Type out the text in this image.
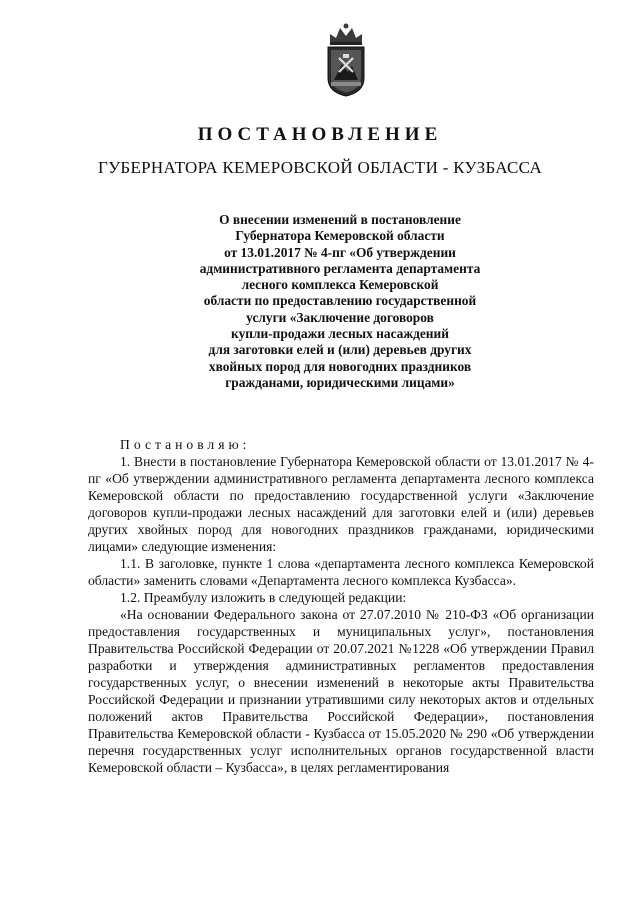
ПОСТАНОВЛЕНИЕ
ГУБЕРНАТОРА КЕМЕРОВСКОЙ ОБЛАСТИ - КУЗБАССА
О внесении изменений в постановление
Губернатора Кемеровской области
от 13.01.2017 № 4-пг «Об утверждении
административного регламента департамента
лесного комплекса Кемеровской
области по предоставлению государственной
услуги «Заключение договоров
купли-продажи лесных насаждений
для заготовки елей и (или) деревьев других
хвойных пород для новогодних праздников
гражданами, юридическими лицами»

Постановляю:

1. Внести в постановление Губернатора Кемеровской области от 13.01.2017 № 4-пг «Об утверждении административного регламента департамента лесного комплекса Кемеровской области по предоставлению государственной услуги «Заключение договоров купли-продажи лесных насаждений для заготовки елей и (или) деревьев других хвойных пород для новогодних праздников гражданами, юридическими лицами» следующие изменения:

1.1. В заголовке, пункте 1 слова «департамента лесного комплекса Кемеровской области» заменить словами «Департамента лесного комплекса Кузбасса».

1.2. Преамбулу изложить в следующей редакции:

«На основании Федерального закона от 27.07.2010 № 210-ФЗ «Об организации предоставления государственных и муниципальных услуг», постановления Правительства Российской Федерации от 20.07.2021 №1228 «Об утверждении Правил разработки и утверждения административных регламентов предоставления государственных услуг, о внесении изменений в некоторые акты Правительства Российской Федерации и признании утратившими силу некоторых актов и отдельных положений актов Правительства Российской Федерации», постановления Правительства Кемеровской области - Кузбасса от 15.05.2020 № 290 «Об утверждении перечня государственных услуг исполнительных органов государственной власти Кемеровской области – Кузбасса», в целях регламентирования
